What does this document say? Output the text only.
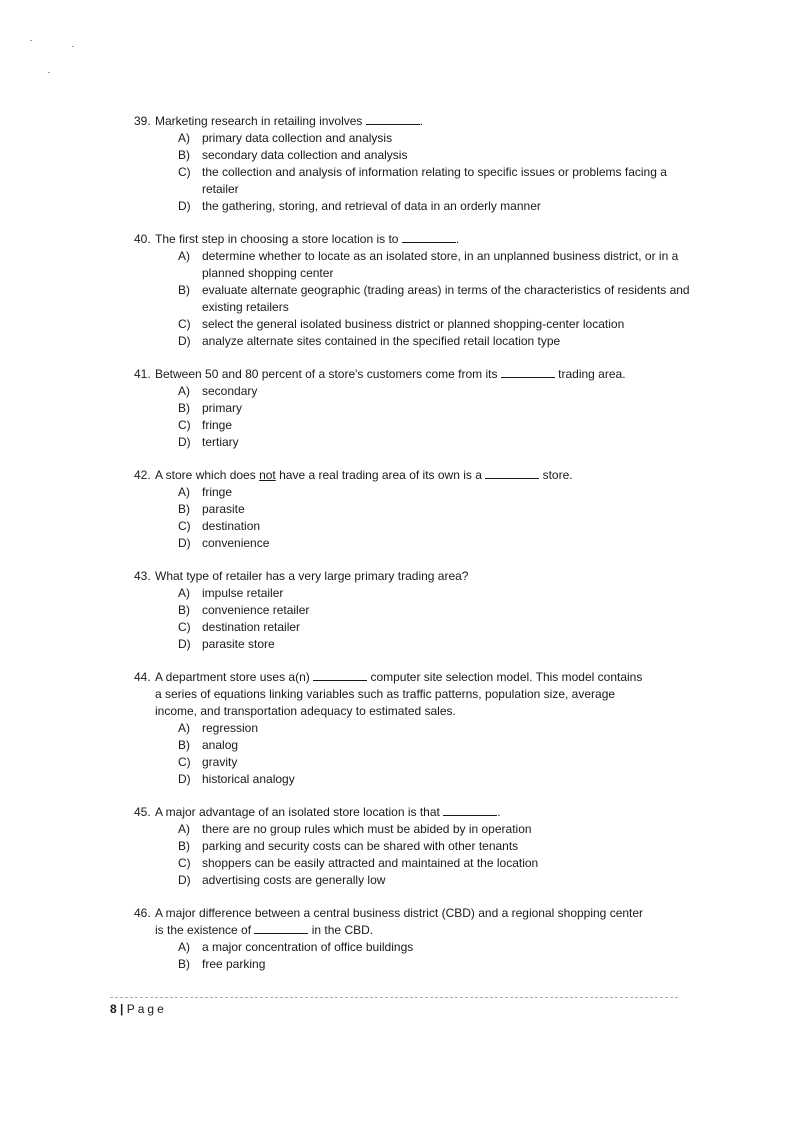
39. Marketing research in retailing involves	.
A)	primary data collection and analysis
B)	secondary data collection and analysis
C) the collection and analysis of information relating to specific issues or problems facing a retailer
D) the gathering, storing, and retrieval of data in an orderly manner
40. The first step in choosing a store location is to	.
A)	determine whether to locate as an isolated store, in an unplanned business district, or in a planned shopping center
B)	evaluate alternate geographic (trading areas) in terms of the characteristics of residents and existing retailers
C) select the general isolated business district or planned shopping-center location
D) analyze alternate sites contained in the specified retail location type
41. Between 50 and 80 percent of a store's customers come from its	trading area.
A)	secondary
B)	primary
C) fringe
D) tertiary
42. A store which does not have a real trading area of its own is a	store.
A)	fringe
B)	parasite
C) destination
D) convenience
43. What type of retailer has a very large primary trading area?
A)	impulse retailer
B)	convenience retailer
C) destination retailer
D) parasite store
44. A department store uses a(n)	computer site selection model. This model contains
a series of equations linking variables such as traffic patterns, population size, average
income, and transportation adequacy to estimated sales.
A)	regression
B)	analog
C) gravity
D) historical analogy
45. A major advantage of an isolated store location is that	.
A)	there are no group rules which must be abided by in operation
B)	parking and security costs can be shared with other tenants
C) shoppers can be easily attracted and maintained at the location
D) advertising costs are generally low
46. A major difference between a central business district (CBD) and a regional shopping center
is the existence of	in the CBD.
A)	a major concentration of office buildings
B)	free parking
8 | Page
